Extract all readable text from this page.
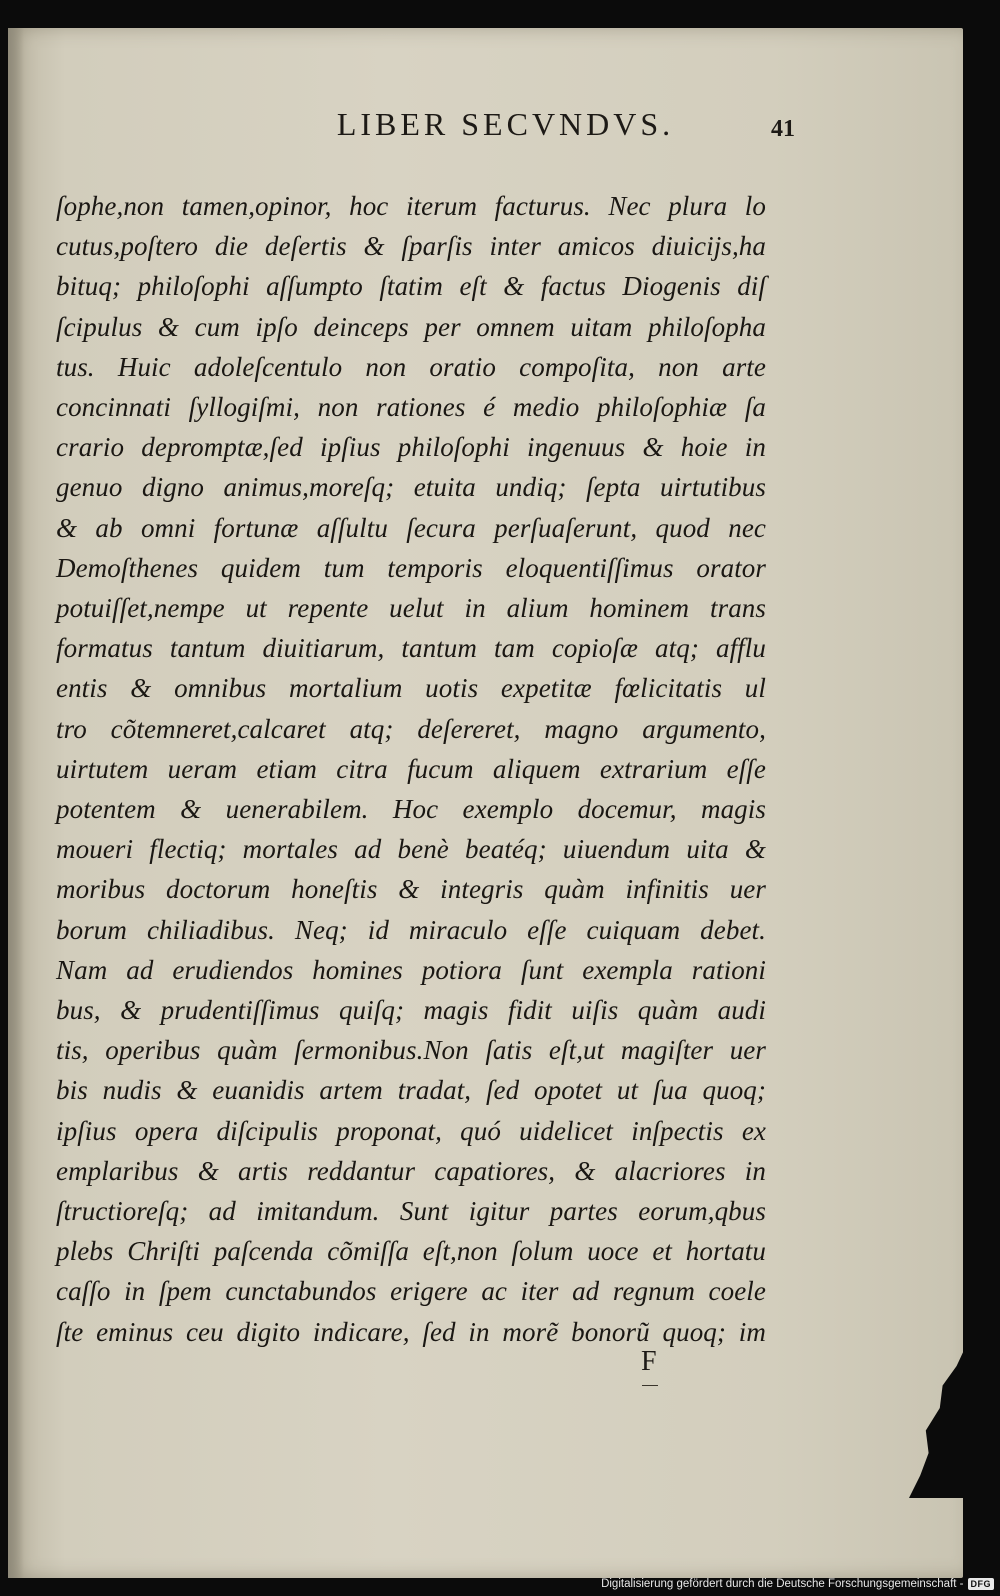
LIBER SECVNDVS.	41
ſophe,non tamen,opinor, hoc iterum facturus. Nec plura lo
cutus,poſtero die deſertis & ſparſis inter amicos diuicijs,ha
bituq; philoſophi aſſumpto ſtatim eſt & factus Diogenis diſ
ſcipulus & cum ipſo deinceps per omnem uitam philoſopha
tus. Huic adoleſcentulo non oratio compoſita, non arte
concinnati ſyllogiſmi, non rationes é medio philoſophiæ ſa
crario depromptæ,ſed ipſius philoſophi ingenuus & hoie in
genuo digno animus,moreſq; etuita undiq; ſepta uirtutibus
& ab omni fortunæ aſſultu ſecura perſuaſerunt, quod nec
Demoſthenes quidem tum temporis eloquentiſſimus orator
potuiſſet,nempe ut repente uelut in alium hominem trans
formatus tantum diuitiarum, tantum tam copioſæ atq; afflu
entis & omnibus mortalium uotis expetitæ fœlicitatis ul
tro cõtemneret,calcaret atq; deſereret, magno argumento,
uirtutem ueram etiam citra fucum aliquem extrarium eſſe
potentem & uenerabilem. Hoc exemplo docemur, magis
moueri flectiq; mortales ad benè beatéq; uiuendum uita &
moribus doctorum honeſtis & integris quàm infinitis uer
borum chiliadibus. Neq; id miraculo eſſe cuiquam debet.
Nam ad erudiendos homines potiora ſunt exempla rationi
bus, & prudentiſſimus quiſq; magis fidit uiſis quàm audi
tis, operibus quàm ſermonibus.Non ſatis eſt,ut magiſter uer
bis nudis & euanidis artem tradat, ſed opotet ut ſua quoq;
ipſius opera diſcipulis proponat, quó uidelicet inſpectis ex
emplaribus & artis reddantur capatiores, & alacriores in
ſtructioreſq; ad imitandum. Sunt igitur partes eorum,qbus
plebs Chriſti paſcenda cõmiſſa eſt,non ſolum uoce et hortatu
caſſo in ſpem cunctabundos erigere ac iter ad regnum coele
ſte eminus ceu digito indicare, ſed in morẽ bonorũ quoq; im
F
Digitalisierung gefördert durch die Deutsche Forschungsgemeinschaft - DFG
